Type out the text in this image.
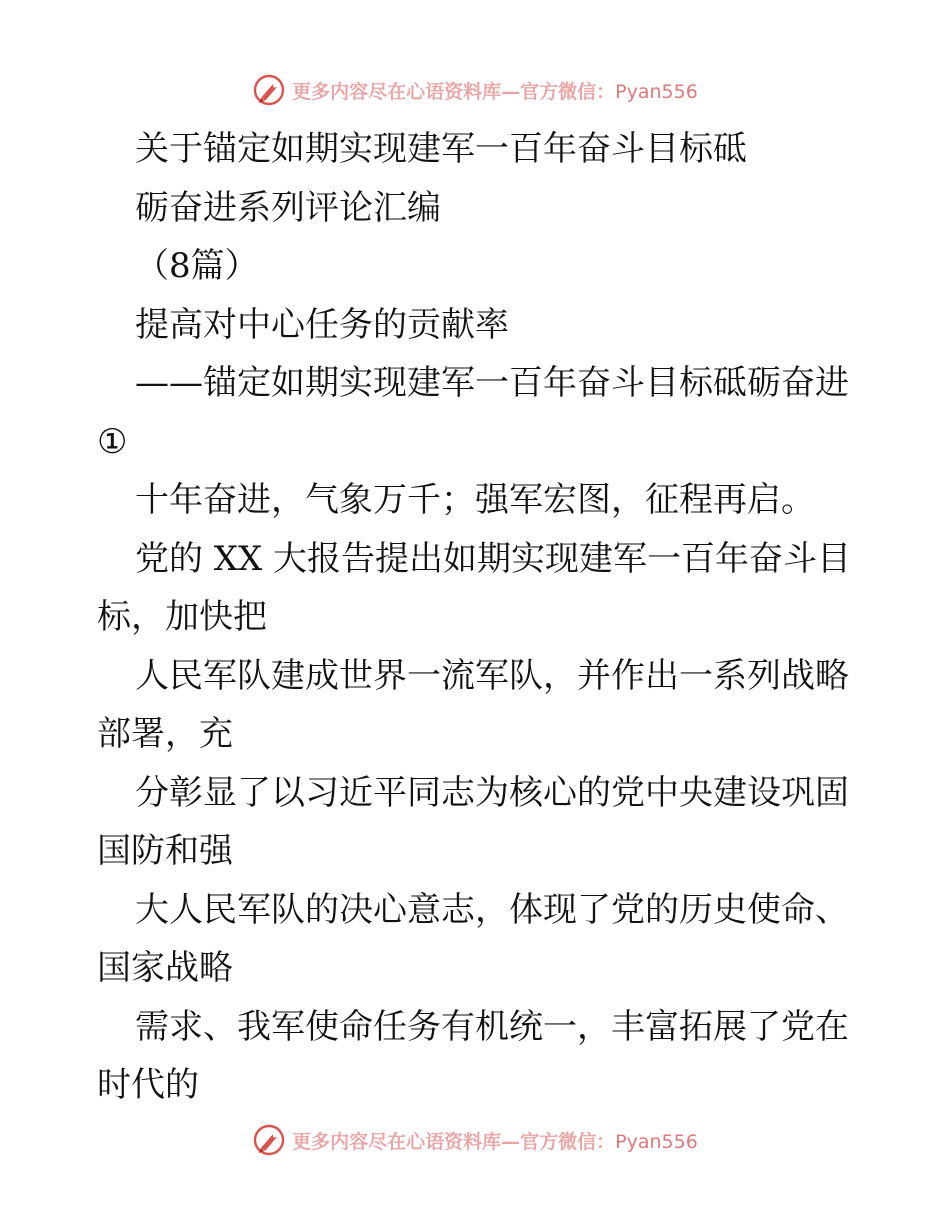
更多内容尽在心语资料库—官方微信：Pyan556
关于锚定如期实现建军一百年奋斗目标砥
砺奋进系列评论汇编
（8篇）
提高对中心任务的贡献率
——锚定如期实现建军一百年奋斗目标砥砺奋进
①
十年奋进，气象万千；强军宏图，征程再启。
党的 XX 大报告提出如期实现建军一百年奋斗目
标，加快把
人民军队建成世界一流军队，并作出一系列战略
部署，充
分彰显了以习近平同志为核心的党中央建设巩固
国防和强
大人民军队的决心意志，体现了党的历史使命、
国家战略
需求、我军使命任务有机统一，丰富拓展了党在
时代的
更多内容尽在心语资料库—官方微信：Pyan556
